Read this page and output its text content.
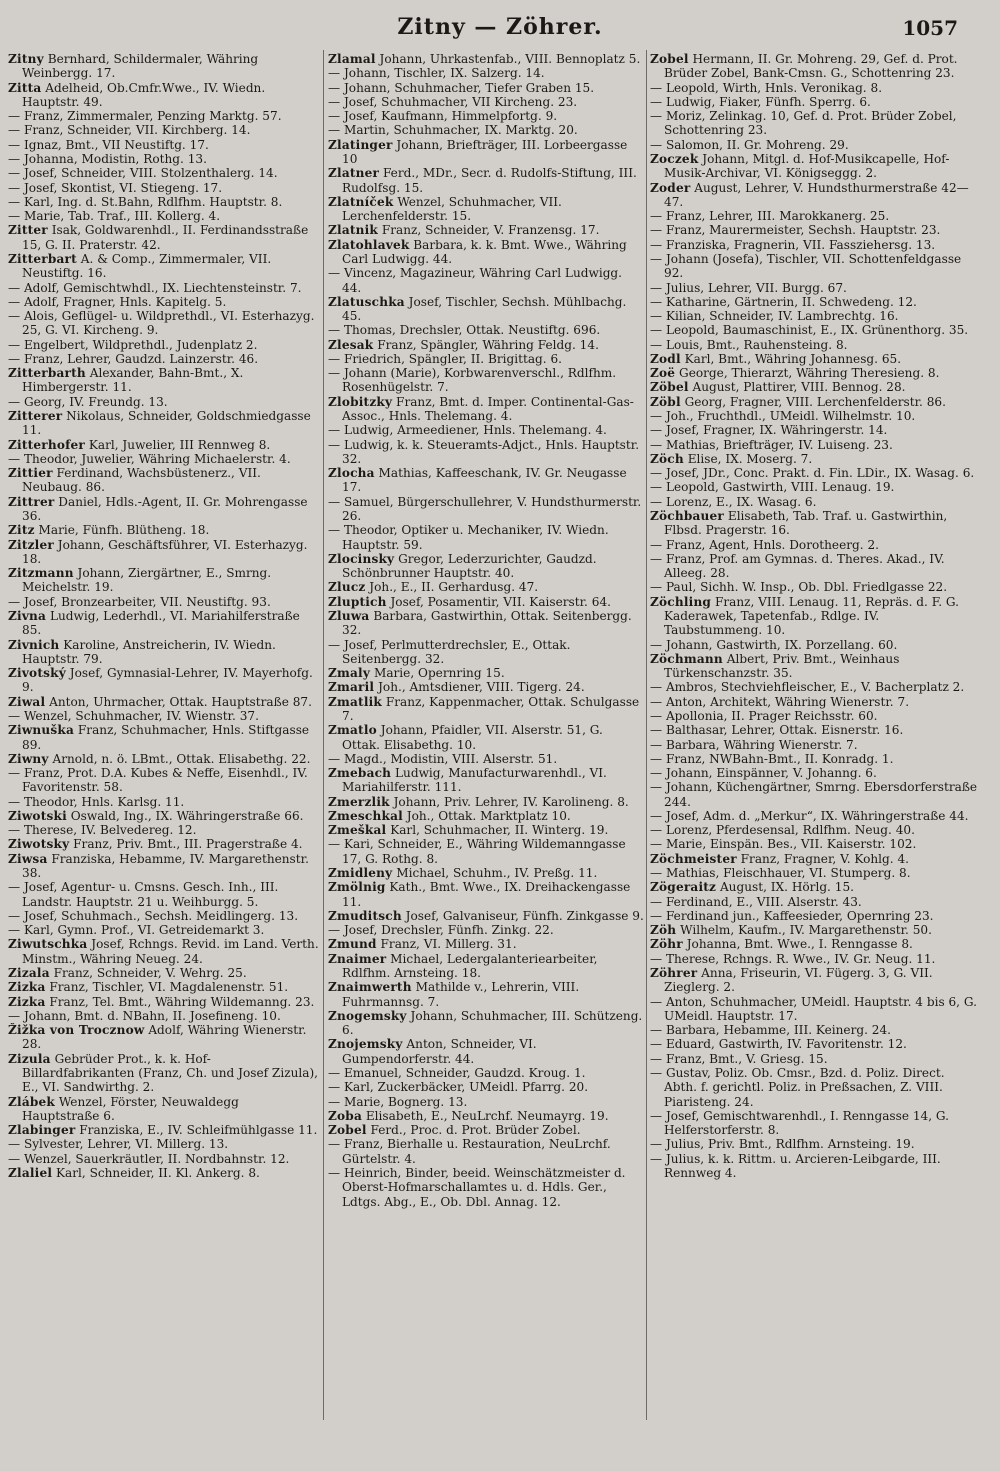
Zitny — Zöhrer.	1057

Zitny Bernhard, Schildermaler, Währing Weinbergg. 17.

Zitta Adelheid, Ob.Cmfr.Wwe., IV. Wiedn. Hauptstr. 49.

— Franz, Zimmermaler, Penzing Marktg. 57.

— Franz, Schneider, VII. Kirchberg. 14.

— Ignaz, Bmt., VII Neustiftg. 17.

— Johanna, Modistin, Rothg. 13.

— Josef, Schneider, VIII. Stolzenthalerg. 14.

— Josef, Skontist, VI. Stiegeng. 17.

— Karl, Ing. d. St.Bahn, Rdlfhm. Hauptstr. 8.

— Marie, Tab. Traf., III. Kollerg. 4.

Zitter Isak, Goldwarenhdl., II. Ferdinandsstraße 15, G. II. Praterstr. 42.

Zitterbart A. & Comp., Zimmermaler, VII. Neustiftg. 16.

— Adolf, Gemischtwhdl., IX. Liechtensteinstr. 7.

— Adolf, Fragner, Hnls. Kapitelg. 5.

— Alois, Geflügel- u. Wildprethdl., VI. Esterhazyg. 25, G. VI. Kircheng. 9.

— Engelbert, Wildprethdl., Judenplatz 2.

— Franz, Lehrer, Gaudzd. Lainzerstr. 46.

Zitterbarth Alexander, Bahn-Bmt., X. Himbergerstr. 11.

— Georg, IV. Freundg. 13.

Zitterer Nikolaus, Schneider, Goldschmiedgasse 11.

Zitterhofer Karl, Juwelier, III Rennweg 8.

— Theodor, Juwelier, Währing Michaelerstr. 4.

Zittier Ferdinand, Wachsbüstenerz., VII. Neubaug. 86.

Zittrer Daniel, Hdls.-Agent, II. Gr. Mohrengasse 36.

Zitz Marie, Fünfh. Blütheng. 18.

Zitzler Johann, Geschäftsführer, VI. Esterhazyg. 18.

Zitzmann Johann, Ziergärtner, E., Smrng. Meichelstr. 19.

— Josef, Bronzearbeiter, VII. Neustiftg. 93.

Zivna Ludwig, Lederhdl., VI. Mariahilferstraße 85.

Zivnich Karoline, Anstreicherin, IV. Wiedn. Hauptstr. 79.

Zivotský Josef, Gymnasial-Lehrer, IV. Mayerhofg. 9.

Ziwal Anton, Uhrmacher, Ottak. Hauptstraße 87.

— Wenzel, Schuhmacher, IV. Wienstr. 37.

Ziwnuška Franz, Schuhmacher, Hnls. Stiftgasse 89.

Ziwny Arnold, n. ö. LBmt., Ottak. Elisabethg. 22.

— Franz, Prot. D.A. Kubes & Neffe, Eisenhdl., IV. Favoritenstr. 58.

— Theodor, Hnls. Karlsg. 11.

Ziwotski Oswald, Ing., IX. Währingerstraße 66.

— Therese, IV. Belvedereg. 12.

Ziwotsky Franz, Priv. Bmt., III. Pragerstraße 4.

Ziwsa Franziska, Hebamme, IV. Margarethenstr. 38.

— Josef, Agentur- u. Cmsns. Gesch. Inh., III. Landstr. Hauptstr. 21 u. Weihburgg. 5.

— Josef, Schuhmach., Sechsh. Meidlingerg. 13.

— Karl, Gymn. Prof., VI. Getreidemarkt 3.

Ziwutschka Josef, Rchngs. Revid. im Land. Verth. Minstm., Währing Neueg. 24.

Zizala Franz, Schneider, V. Wehrg. 25.

Zizka Franz, Tischler, VI. Magdalenenstr. 51.

Zizka Franz, Tel. Bmt., Währing Wildemanng. 23.

— Johann, Bmt. d. NBahn, II. Josefineng. 10.

Žižka von Trocznow Adolf, Währing Wienerstr. 28.

Zizula Gebrüder Prot., k. k. Hof-Billardfabrikanten (Franz, Ch. und Josef Zizula), E., VI. Sandwirthg. 2.

Zlábek Wenzel, Förster, Neuwaldegg Hauptstraße 6.

Zlabinger Franziska, E., IV. Schleifmühlgasse 11.

— Sylvester, Lehrer, VI. Millerg. 13.

— Wenzel, Sauerkräutler, II. Nordbahnstr. 12.

Zlaliel Karl, Schneider, II. Kl. Ankerg. 8.

Zlamal Johann, Uhrkastenfab., VIII. Bennoplatz 5.

— Johann, Tischler, IX. Salzerg. 14.

— Johann, Schuhmacher, Tiefer Graben 15.

— Josef, Schuhmacher, VII Kircheng. 23.

— Josef, Kaufmann, Himmelpfortg. 9.

— Martin, Schuhmacher, IX. Marktg. 20.

Zlatinger Johann, Briefträger, III. Lorbeergasse 10

Zlatner Ferd., MDr., Secr. d. Rudolfs-Stiftung, III. Rudolfsg. 15.

Zlatníček Wenzel, Schuhmacher, VII. Lerchenfelderstr. 15.

Zlatnik Franz, Schneider, V. Franzensg. 17.

Zlatohlavek Barbara, k. k. Bmt. Wwe., Währing Carl Ludwigg. 44.

— Vincenz, Magazineur, Währing Carl Ludwigg. 44.

Zlatuschka Josef, Tischler, Sechsh. Mühlbachg. 45.

— Thomas, Drechsler, Ottak. Neustiftg. 696.

Zlesak Franz, Spängler, Währing Feldg. 14.

— Friedrich, Spängler, II. Brigittag. 6.

— Johann (Marie), Korbwarenverschl., Rdlfhm. Rosenhügelstr. 7.

Zlobitzky Franz, Bmt. d. Imper. Continental-Gas-Assoc., Hnls. Thelemang. 4.

— Ludwig, Armeediener, Hnls. Thelemang. 4.

— Ludwig, k. k. Steueramts-Adjct., Hnls. Hauptstr. 32.

Zlocha Mathias, Kaffeeschank, IV. Gr. Neugasse 17.

— Samuel, Bürgerschullehrer, V. Hundsthurmerstr. 26.

— Theodor, Optiker u. Mechaniker, IV. Wiedn. Hauptstr. 59.

Zlocinsky Gregor, Lederzurichter, Gaudzd. Schönbrunner Hauptstr. 40.

Zlucz Joh., E., II. Gerhardusg. 47.

Zluptich Josef, Posamentir, VII. Kaiserstr. 64.

Zluwa Barbara, Gastwirthin, Ottak. Seitenbergg. 32.

— Josef, Perlmutterdrechsler, E., Ottak. Seitenbergg. 32.

Zmaly Marie, Opernring 15.

Zmaril Joh., Amtsdiener, VIII. Tigerg. 24.

Zmatlik Franz, Kappenmacher, Ottak. Schulgasse 7.

Zmatlo Johann, Pfaidler, VII. Alserstr. 51, G. Ottak. Elisabethg. 10.

— Magd., Modistin, VIII. Alserstr. 51.

Zmebach Ludwig, Manufacturwarenhdl., VI. Mariahilferstr. 111.

Zmerzlik Johann, Priv. Lehrer, IV. Karolineng. 8.

Zmeschkal Joh., Ottak. Marktplatz 10.

Zmeškal Karl, Schuhmacher, II. Winterg. 19.

— Kari, Schneider, E., Währing Wildemanngasse 17, G. Rothg. 8.

Zmidleny Michael, Schuhm., IV. Preßg. 11.

Zmölnig Kath., Bmt. Wwe., IX. Dreihackengasse 11.

Zmuditsch Josef, Galvaniseur, Fünfh. Zinkgasse 9.

— Josef, Drechsler, Fünfh. Zinkg. 22.

Zmund Franz, VI. Millerg. 31.

Znaimer Michael, Ledergalanteriearbeiter, Rdlfhm. Arnsteing. 18.

Znaimwerth Mathilde v., Lehrerin, VIII. Fuhrmannsg. 7.

Znogemsky Johann, Schuhmacher, III. Schützeng. 6.

Znojemsky Anton, Schneider, VI. Gumpendorferstr. 44.

— Emanuel, Schneider, Gaudzd. Kroug. 1.

— Karl, Zuckerbäcker, UMeidl. Pfarrg. 20.

— Marie, Bognerg. 13.

Zoba Elisabeth, E., NeuLrchf. Neumayrg. 19.

Zobel Ferd., Proc. d. Prot. Brüder Zobel.

— Franz, Bierhalle u. Restauration, NeuLrchf. Gürtelstr. 4.

— Heinrich, Binder, beeid. Weinschätzmeister d. Oberst-Hofmarschallamtes u. d. Hdls. Ger., Ldtgs. Abg., E., Ob. Dbl. Annag. 12.

Zobel Hermann, II. Gr. Mohreng. 29, Gef. d. Prot. Brüder Zobel, Bank-Cmsn. G., Schottenring 23.

— Leopold, Wirth, Hnls. Veronikag. 8.

— Ludwig, Fiaker, Fünfh. Sperrg. 6.

— Moriz, Zelinkag. 10, Gef. d. Prot. Brüder Zobel, Schottenring 23.

— Salomon, II. Gr. Mohreng. 29.

Zoczek Johann, Mitgl. d. Hof-Musikcapelle, Hof-Musik-Archivar, VI. Königseggg. 2.

Zoder August, Lehrer, V. Hundsthurmerstraße 42—47.

— Franz, Lehrer, III. Marokkanerg. 25.

— Franz, Maurermeister, Sechsh. Hauptstr. 23.

— Franziska, Fragnerin, VII. Fassziehersg. 13.

— Johann (Josefa), Tischler, VII. Schottenfeldgasse 92.

— Julius, Lehrer, VII. Burgg. 67.

— Katharine, Gärtnerin, II. Schwedeng. 12.

— Kilian, Schneider, IV. Lambrechtg. 16.

— Leopold, Baumaschinist, E., IX. Grünenthorg. 35.

— Louis, Bmt., Rauhensteing. 8.

Zodl Karl, Bmt., Währing Johannesg. 65.

Zoë George, Thierarzt, Währing Theresieng. 8.

Zöbel August, Plattirer, VIII. Bennog. 28.

Zöbl Georg, Fragner, VIII. Lerchenfelderstr. 86.

— Joh., Fruchthdl., UMeidl. Wilhelmstr. 10.

— Josef, Fragner, IX. Währingerstr. 14.

— Mathias, Briefträger, IV. Luiseng. 23.

Zöch Elise, IX. Moserg. 7.

— Josef, JDr., Conc. Prakt. d. Fin. LDir., IX. Wasag. 6.

— Leopold, Gastwirth, VIII. Lenaug. 19.

— Lorenz, E., IX. Wasag. 6.

Zöchbauer Elisabeth, Tab. Traf. u. Gastwirthin, Flbsd. Pragerstr. 16.

— Franz, Agent, Hnls. Dorotheerg. 2.

— Franz, Prof. am Gymnas. d. Theres. Akad., IV. Alleeg. 28.

— Paul, Sichh. W. Insp., Ob. Dbl. Friedlgasse 22.

Zöchling Franz, VIII. Lenaug. 11, Repräs. d. F. G. Kaderawek, Tapetenfab., Rdlge. IV. Taubstummeng. 10.

— Johann, Gastwirth, IX. Porzellang. 60.

Zöchmann Albert, Priv. Bmt., Weinhaus Türkenschanzstr. 35.

— Ambros, Stechviehfleischer, E., V. Bacherplatz 2.

— Anton, Architekt, Währing Wienerstr. 7.

— Apollonia, II. Prager Reichsstr. 60.

— Balthasar, Lehrer, Ottak. Eisnerstr. 16.

— Barbara, Währing Wienerstr. 7.

— Franz, NWBahn-Bmt., II. Konradg. 1.

— Johann, Einspänner, V. Johanng. 6.

— Johann, Küchengärtner, Smrng. Ebersdorferstraße 244.

— Josef, Adm. d. „Merkur“, IX. Währingerstraße 44.

— Lorenz, Pferdesensal, Rdlfhm. Neug. 40.

— Marie, Einspän. Bes., VII. Kaiserstr. 102.

Zöchmeister Franz, Fragner, V. Kohlg. 4.

— Mathias, Fleischhauer, VI. Stumperg. 8.

Zögeraitz August, IX. Hörlg. 15.

— Ferdinand, E., VIII. Alserstr. 43.

— Ferdinand jun., Kaffeesieder, Opernring 23.

Zöh Wilhelm, Kaufm., IV. Margarethenstr. 50.

Zöhr Johanna, Bmt. Wwe., I. Renngasse 8.

— Therese, Rchngs. R. Wwe., IV. Gr. Neug. 11.

Zöhrer Anna, Friseurin, VI. Fügerg. 3, G. VII. Zieglerg. 2.

— Anton, Schuhmacher, UMeidl. Hauptstr. 4 bis 6, G. UMeidl. Hauptstr. 17.

— Barbara, Hebamme, III. Keinerg. 24.

— Eduard, Gastwirth, IV. Favoritenstr. 12.

— Franz, Bmt., V. Griesg. 15.

— Gustav, Poliz. Ob. Cmsr., Bzd. d. Poliz. Direct. Abth. f. gerichtl. Poliz. in Preßsachen, Z. VIII. Piaristeng. 24.

— Josef, Gemischtwarenhdl., I. Renngasse 14, G. Helferstorferstr. 8.

— Julius, Priv. Bmt., Rdlfhm. Arnsteing. 19.

— Julius, k. k. Rittm. u. Arcieren-Leibgarde, III. Rennweg 4.
